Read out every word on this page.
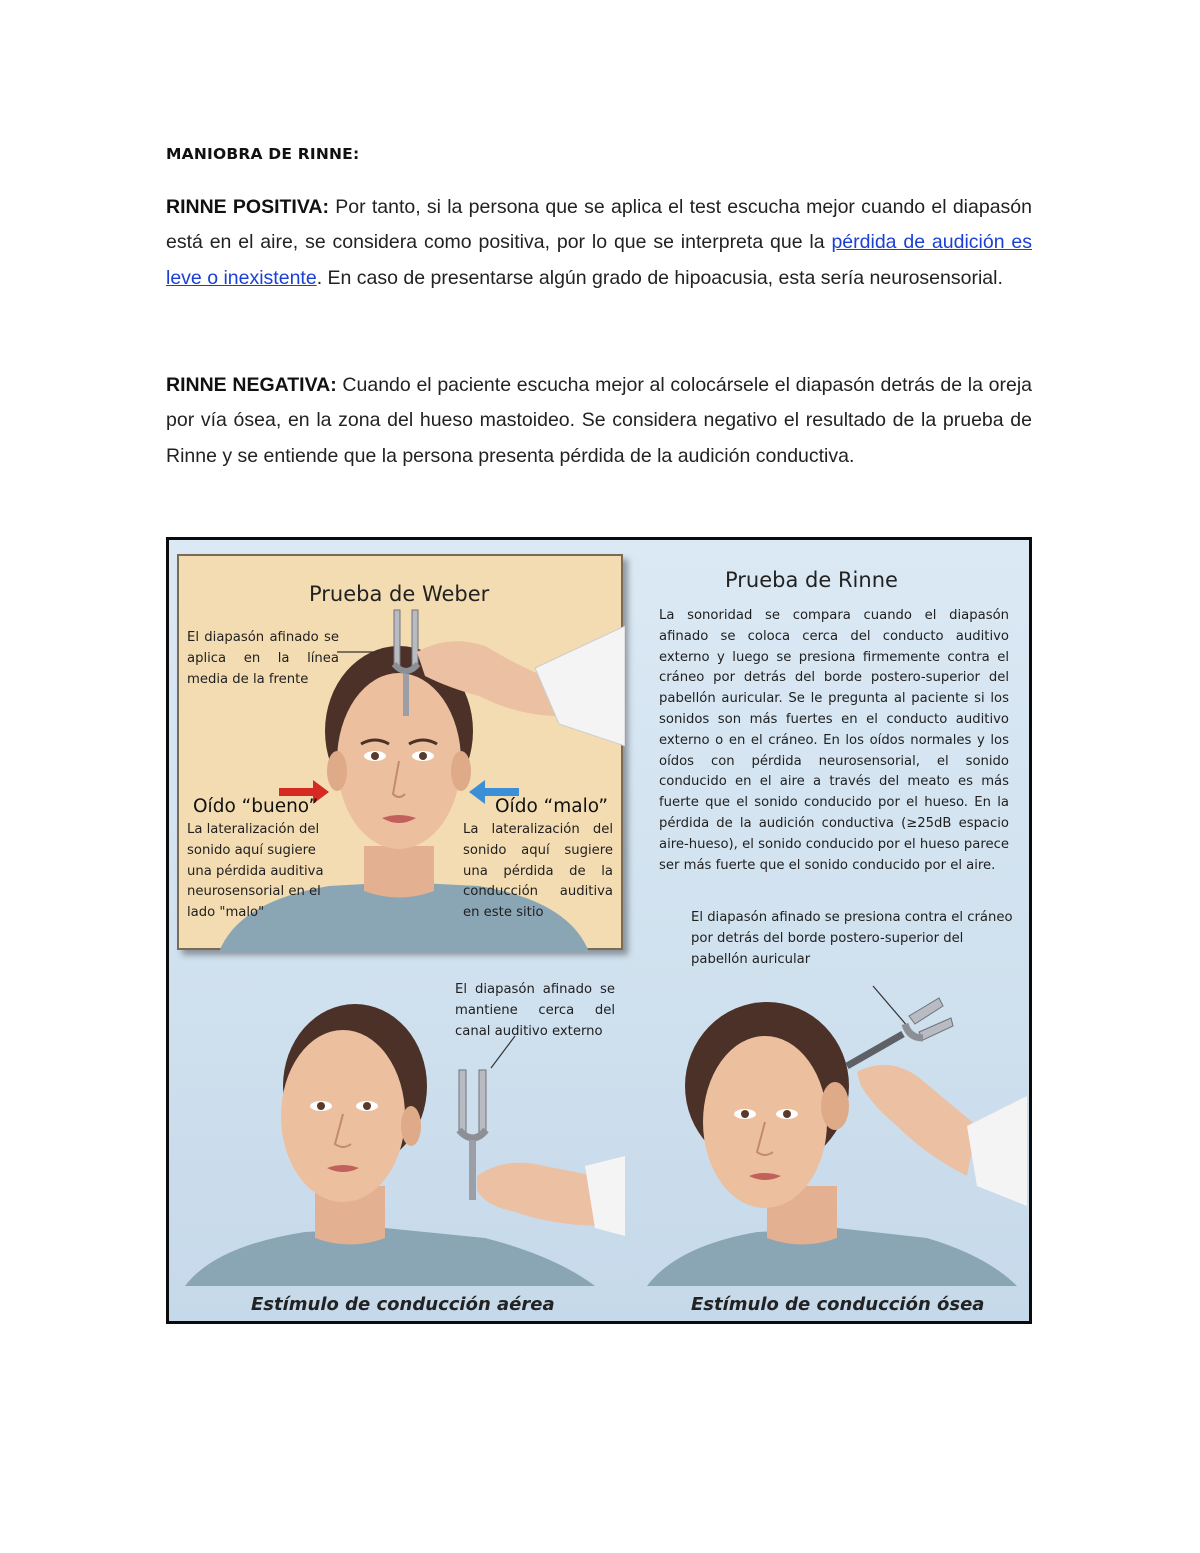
MANIOBRA DE RINNE:

RINNE POSITIVA: Por tanto, si la persona que se aplica el test escucha mejor cuando el diapasón está en el aire, se considera como positiva, por lo que se interpreta que la pérdida de audición es leve o inexistente. En caso de presentarse algún grado de hipoacusia, esta sería neurosensorial.

RINNE NEGATIVA: Cuando el paciente escucha mejor al colocársele el diapasón detrás de la oreja por vía ósea, en la zona del hueso mastoideo. Se considera negativo el resultado de la prueba de Rinne y se entiende que la persona presenta pérdida de la audición conductiva.

Prueba de Weber
El diapasón afinado se aplica en la línea media de la frente
Oído “bueno”
La lateralización del sonido aquí sugiere una pérdida auditiva neurosensorial en el lado "malo"
Oído “malo”
La lateralización del sonido aquí sugiere una pérdida de la conducción auditiva en este sitio
Prueba de Rinne
La sonoridad se compara cuando el diapasón afinado se coloca cerca del conducto auditivo externo y luego se presiona firmemente contra el cráneo por detrás del borde postero-superior del pabellón auricular. Se le pregunta al paciente si los sonidos son más fuertes en el conducto auditivo externo o en el cráneo. En los oídos normales y los oídos con pérdida neurosensorial, el sonido conducido en el aire a través del meato es más fuerte que el sonido conducido por el hueso. En la pérdida de la audición conductiva (≥25dB espacio aire-hueso), el sonido conducido por el hueso parece ser más fuerte que el sonido conducido por el aire.
El diapasón afinado se presiona contra el cráneo por detrás del borde postero-superior del pabellón auricular
El diapasón afinado se mantiene cerca del canal auditivo externo
Estímulo de conducción aérea	Estímulo de conducción ósea
